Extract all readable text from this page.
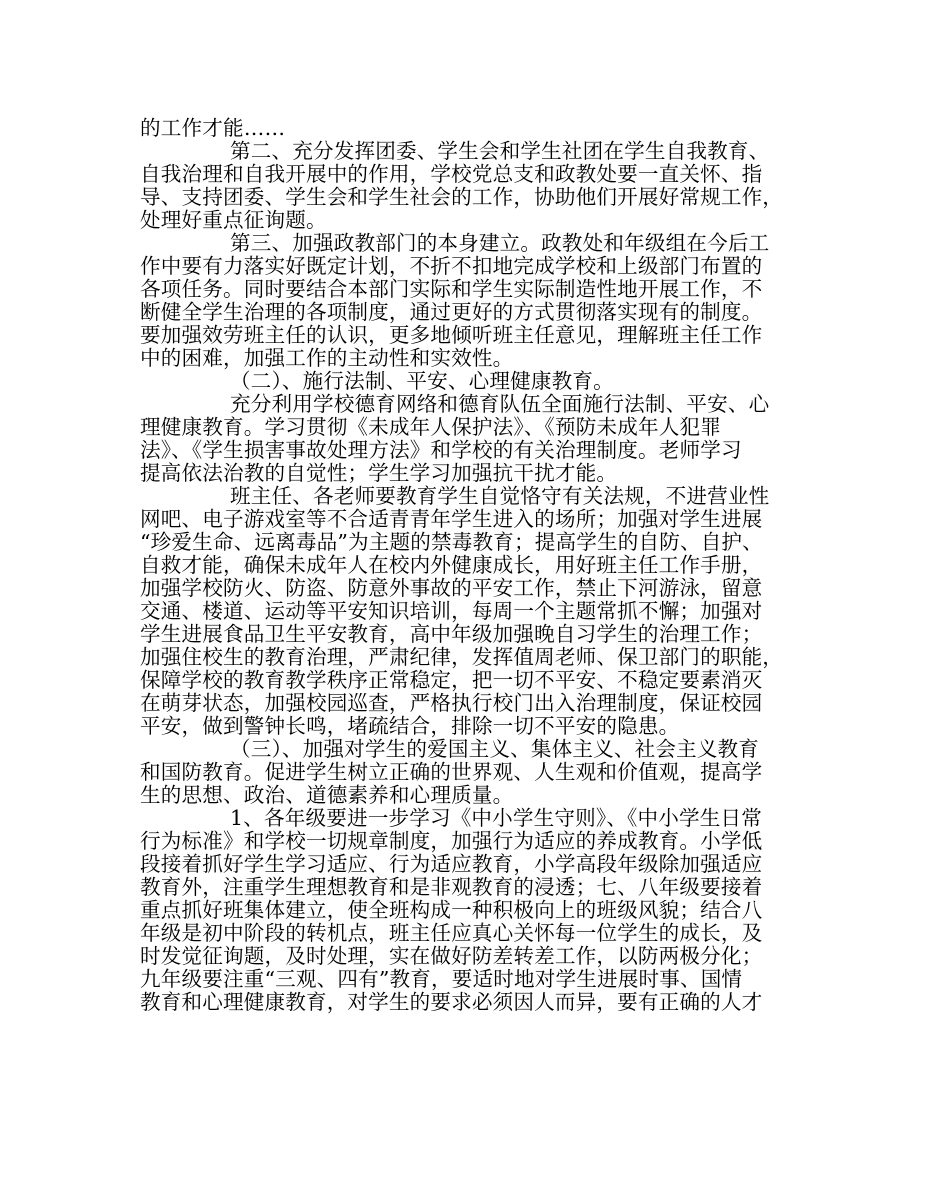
的工作才能……
第二、充分发挥团委、学生会和学生社团在学生自我教育、
自我治理和自我开展中的作用，学校党总支和政教处要一直关怀、指
导、支持团委、学生会和学生社会的工作，协助他们开展好常规工作，
处理好重点征询题。
第三、加强政教部门的本身建立。政教处和年级组在今后工
作中要有力落实好既定计划，不折不扣地完成学校和上级部门布置的
各项任务。同时要结合本部门实际和学生实际制造性地开展工作，不
断健全学生治理的各项制度，通过更好的方式贯彻落实现有的制度。
要加强效劳班主任的认识，更多地倾听班主任意见，理解班主任工作
中的困难，加强工作的主动性和实效性。
（二）、施行法制、平安、心理健康教育。
充分利用学校德育网络和德育队伍全面施行法制、平安、心
理健康教育。学习贯彻《未成年人保护法》、《预防未成年人犯罪
法》、《学生损害事故处理方法》和学校的有关治理制度。老师学习
提高依法治教的自觉性；学生学习加强抗干扰才能。
班主任、各老师要教育学生自觉恪守有关法规，不进营业性
网吧、电子游戏室等不合适青青年学生进入的场所；加强对学生进展
“珍爱生命、远离毒品”为主题的禁毒教育；提高学生的自防、自护、
自救才能，确保未成年人在校内外健康成长，用好班主任工作手册，
加强学校防火、防盗、防意外事故的平安工作，禁止下河游泳，留意
交通、楼道、运动等平安知识培训，每周一个主题常抓不懈；加强对
学生进展食品卫生平安教育，高中年级加强晚自习学生的治理工作；
加强住校生的教育治理，严肃纪律，发挥值周老师、保卫部门的职能，
保障学校的教育教学秩序正常稳定，把一切不平安、不稳定要素消灭
在萌芽状态，加强校园巡查，严格执行校门出入治理制度，保证校园
平安，做到警钟长鸣，堵疏结合，排除一切不平安的隐患。
（三）、加强对学生的爱国主义、集体主义、社会主义教育
和国防教育。促进学生树立正确的世界观、人生观和价值观，提高学
生的思想、政治、道德素养和心理质量。
1、各年级要进一步学习《中小学生守则》、《中小学生日常
行为标准》和学校一切规章制度，加强行为适应的养成教育。小学低
段接着抓好学生学习适应、行为适应教育，小学高段年级除加强适应
教育外，注重学生理想教育和是非观教育的浸透；七、八年级要接着
重点抓好班集体建立，使全班构成一种积极向上的班级风貌；结合八
年级是初中阶段的转机点，班主任应真心关怀每一位学生的成长，及
时发觉征询题，及时处理，实在做好防差转差工作，以防两极分化；
九年级要注重“三观、四有”教育，要适时地对学生进展时事、国情
教育和心理健康教育，对学生的要求必须因人而异，要有正确的人才
